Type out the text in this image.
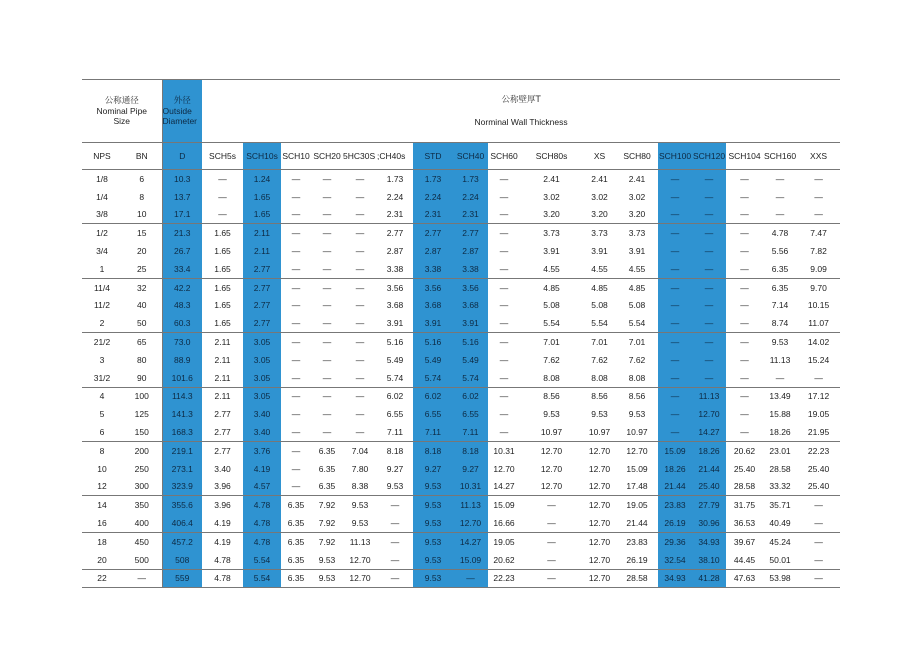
公称通径
Nominal Pipe Size		外径
Outside Diameter	公称壁厚T
Norminal Wall Thickness																

NPS	BN	D	SCH5s	SCH10s	SCH10	SCH20	5HC30S	;CH40s	STD	SCH40	SCH60	SCH80s	XS	SCH80	SCH100	SCH120	SCH104	SCH160	XXS
1/8	6	10.3	—	1.24	—	—	—	1.73	1.73	1.73	—	2.41	2.41	2.41	—	—	—	—	—
1/4	8	13.7	—	1.65	—	—	—	2.24	2.24	2.24	—	3.02	3.02	3.02	—	—	—	—	—
3/8	10	17.1	—	1.65	—	—	—	2.31	2.31	2.31	—	3.20	3.20	3.20	—	—	—	—	—
1/2	15	21.3	1.65	2.11	—	—	—	2.77	2.77	2.77	—	3.73	3.73	3.73	—	—	—	4.78	7.47
3/4	20	26.7	1.65	2.11	—	—	—	2.87	2.87	2.87	—	3.91	3.91	3.91	—	—	—	5.56	7.82
1	25	33.4	1.65	2.77	—	—	—	3.38	3.38	3.38	—	4.55	4.55	4.55	—	—	—	6.35	9.09
11/4	32	42.2	1.65	2.77	—	—	—	3.56	3.56	3.56	—	4.85	4.85	4.85	—	—	—	6.35	9.70
11/2	40	48.3	1.65	2.77	—	—	—	3.68	3.68	3.68	—	5.08	5.08	5.08	—	—	—	7.14	10.15
2	50	60.3	1.65	2.77	—	—	—	3.91	3.91	3.91	—	5.54	5.54	5.54	—	—	—	8.74	11.07
21/2	65	73.0	2.11	3.05	—	—	—	5.16	5.16	5.16	—	7.01	7.01	7.01	—	—	—	9.53	14.02
3	80	88.9	2.11	3.05	—	—	—	5.49	5.49	5.49	—	7.62	7.62	7.62	—	—	—	11.13	15.24
31/2	90	101.6	2.11	3.05	—	—	—	5.74	5.74	5.74	—	8.08	8.08	8.08	—	—	—	—	—
4	100	114.3	2.11	3.05	—	—	—	6.02	6.02	6.02	—	8.56	8.56	8.56	—	11.13	—	13.49	17.12
5	125	141.3	2.77	3.40	—	—	—	6.55	6.55	6.55	—	9.53	9.53	9.53	—	12.70	—	15.88	19.05
6	150	168.3	2.77	3.40	—	—	—	7.11	7.11	7.11	—	10.97	10.97	10.97	—	14.27	—	18.26	21.95
8	200	219.1	2.77	3.76	—	6.35	7.04	8.18	8.18	8.18	10.31	12.70	12.70	12.70	15.09	18.26	20.62	23.01	22.23
10	250	273.1	3.40	4.19	—	6.35	7.80	9.27	9.27	9.27	12.70	12.70	12.70	15.09	18.26	21.44	25.40	28.58	25.40
12	300	323.9	3.96	4.57	—	6.35	8.38	9.53	9.53	10.31	14.27	12.70	12.70	17.48	21.44	25.40	28.58	33.32	25.40
14	350	355.6	3.96	4.78	6.35	7.92	9.53	—	9.53	11.13	15.09	—	12.70	19.05	23.83	27.79	31.75	35.71	—
16	400	406.4	4.19	4.78	6.35	7.92	9.53	—	9.53	12.70	16.66	—	12.70	21.44	26.19	30.96	36.53	40.49	—
18	450	457.2	4.19	4.78	6.35	7.92	11.13	—	9.53	14.27	19.05	—	12.70	23.83	29.36	34.93	39.67	45.24	—
20	500	508	4.78	5.54	6.35	9.53	12.70	—	9.53	15.09	20.62	—	12.70	26.19	32.54	38.10	44.45	50.01	—
22	—	559	4.78	5.54	6.35	9.53	12.70	—	9.53	—	22.23	—	12.70	28.58	34.93	41.28	47.63	53.98	—
